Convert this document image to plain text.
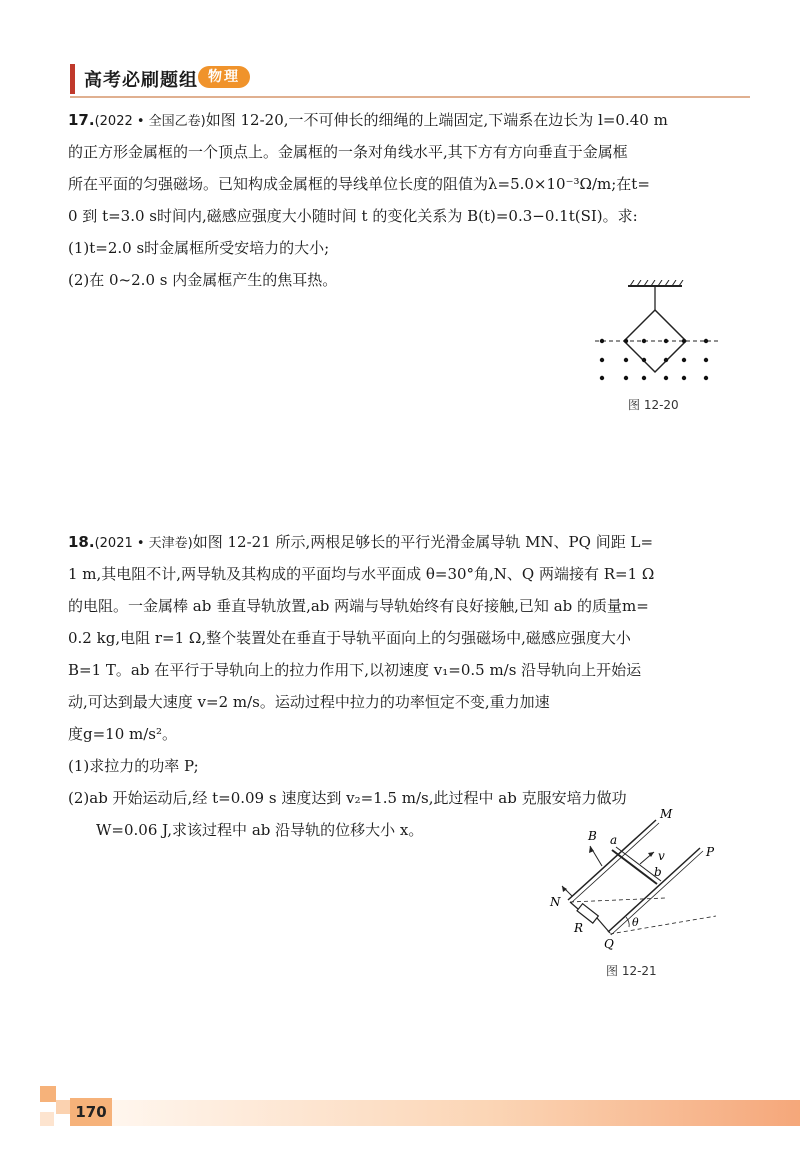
高考必刷题组 物理
17.(2022 • 全国乙卷)如图 12-20,一不可伸长的细绳的上端固定,下端系在边长为 l=0.40 m
的正方形金属框的一个顶点上。金属框的一条对角线水平,其下方有方向垂直于金属框
所在平面的匀强磁场。已知构成金属框的导线单位长度的阻值为λ=5.0×10⁻³Ω/m;在t=
0 到 t=3.0 s时间内,磁感应强度大小随时间 t 的变化关系为 B(t)=0.3−0.1t(SI)。求:
(1)t=2.0 s时金属框所受安培力的大小;
(2)在 0~2.0 s 内金属框产生的焦耳热。
图 12-20
18.(2021 • 天津卷)如图 12-21 所示,两根足够长的平行光滑金属导轨 MN、PQ 间距 L=
1 m,其电阻不计,两导轨及其构成的平面均与水平面成 θ=30°角,N、Q 两端接有 R=1 Ω
的电阻。一金属棒 ab 垂直导轨放置,ab 两端与导轨始终有良好接触,已知 ab 的质量m=
0.2 kg,电阻 r=1 Ω,整个装置处在垂直于导轨平面向上的匀强磁场中,磁感应强度大小
B=1 T。ab 在平行于导轨向上的拉力作用下,以初速度 v₁=0.5 m/s 沿导轨向上开始运
动,可达到最大速度 v=2 m/s。运动过程中拉力的功率恒定不变,重力加速
度g=10 m/s²。
(1)求拉力的功率 P;
(2)ab 开始运动后,经 t=0.09 s 速度达到 v₂=1.5 m/s,此过程中 ab 克服安培力做功
W=0.06 J,求该过程中 ab 沿导轨的位移大小 x。
M
P
N
Q
B a
b
v
R	θ
图 12-21
170
